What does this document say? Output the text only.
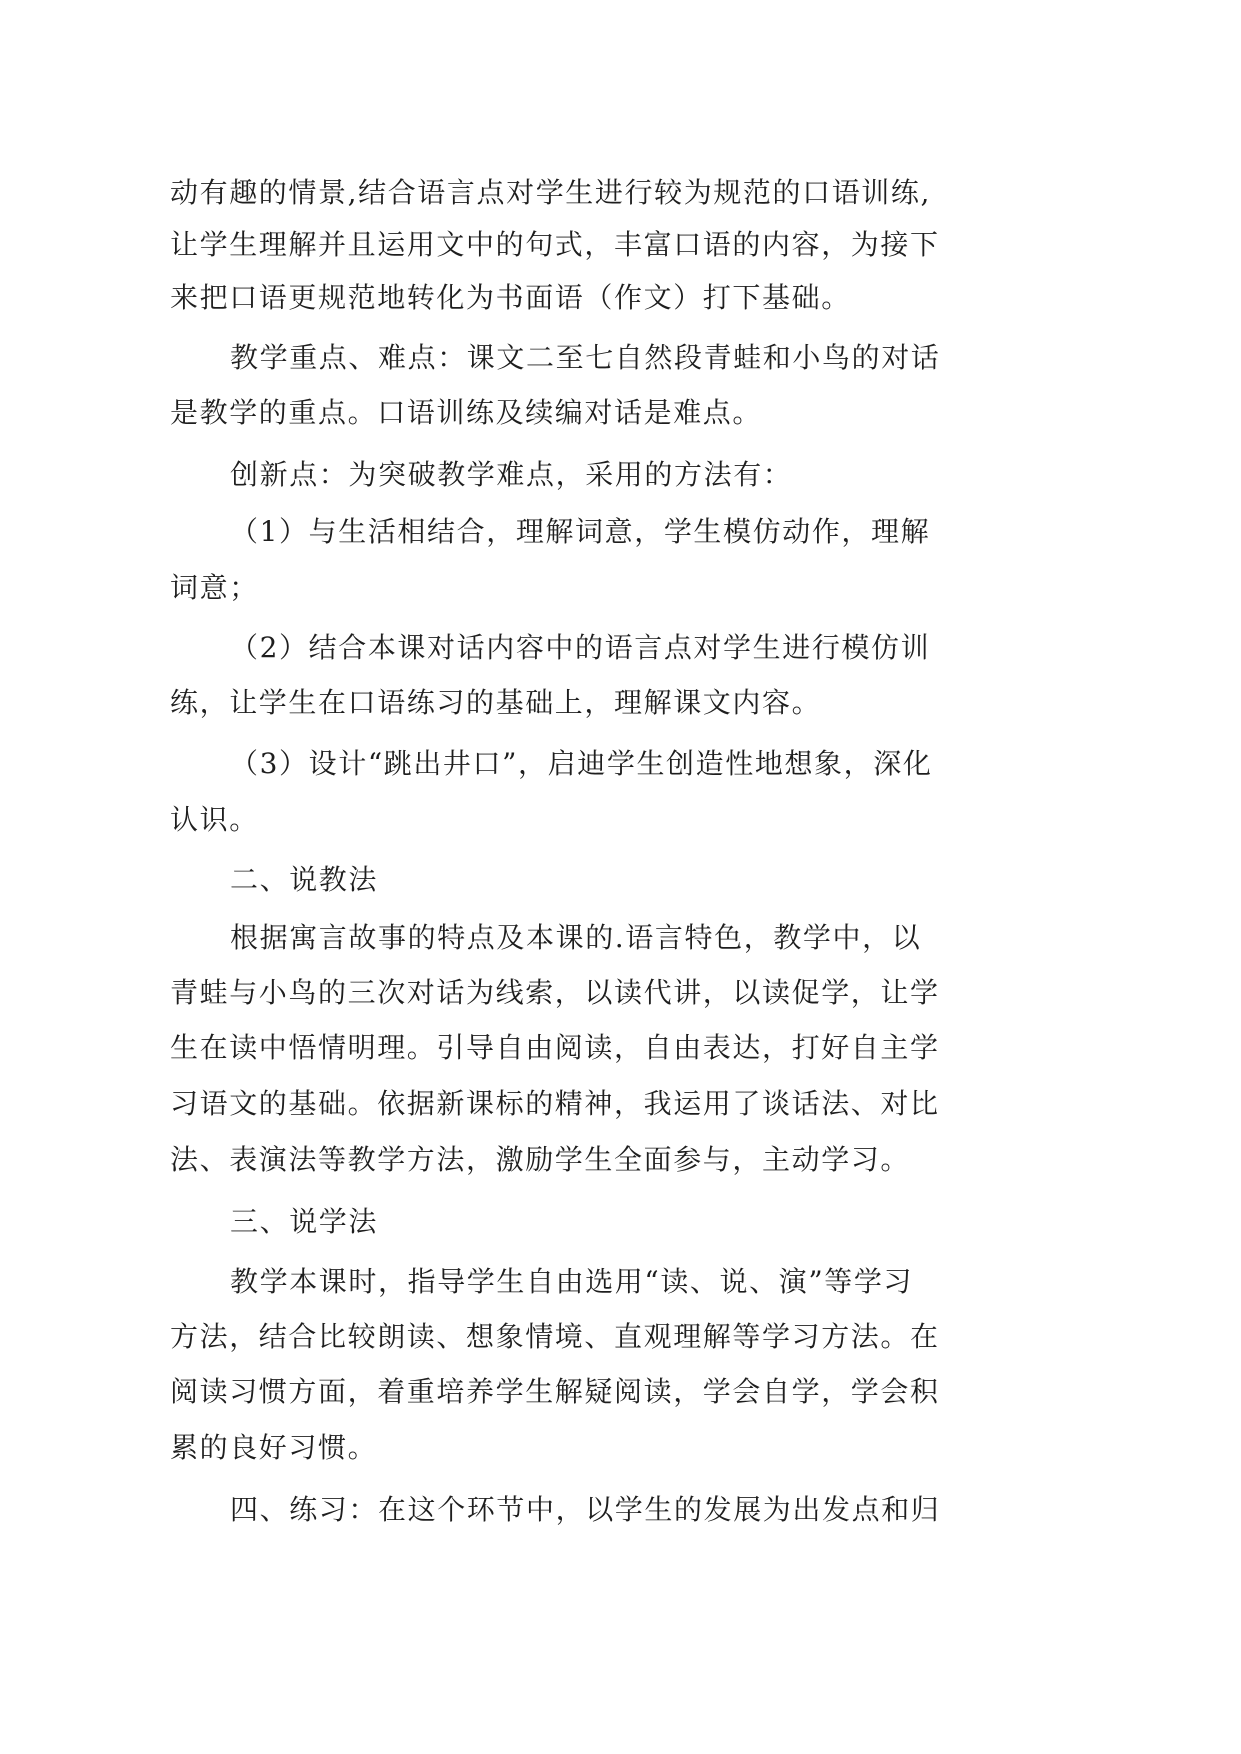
动有趣的情景,结合语言点对学生进行较为规范的口语训练,
让学生理解并且运用文中的句式，丰富口语的内容，为接下
来把口语更规范地转化为书面语（作文）打下基础。
教学重点、难点：课文二至七自然段青蛙和小鸟的对话
是教学的重点。口语训练及续编对话是难点。
创新点：为突破教学难点，采用的方法有：
（1）与生活相结合，理解词意，学生模仿动作，理解
词意；
（2）结合本课对话内容中的语言点对学生进行模仿训
练，让学生在口语练习的基础上，理解课文内容。
（3）设计“跳出井口”，启迪学生创造性地想象，深化
认识。
二、说教法
根据寓言故事的特点及本课的.语言特色，教学中，以
青蛙与小鸟的三次对话为线索，以读代讲，以读促学，让学
生在读中悟情明理。引导自由阅读，自由表达，打好自主学
习语文的基础。依据新课标的精神，我运用了谈话法、对比
法、表演法等教学方法，激励学生全面参与，主动学习。
三、说学法
教学本课时，指导学生自由选用“读、说、演”等学习
方法，结合比较朗读、想象情境、直观理解等学习方法。在
阅读习惯方面，着重培养学生解疑阅读，学会自学，学会积
累的良好习惯。
四、练习：在这个环节中，以学生的发展为出发点和归
